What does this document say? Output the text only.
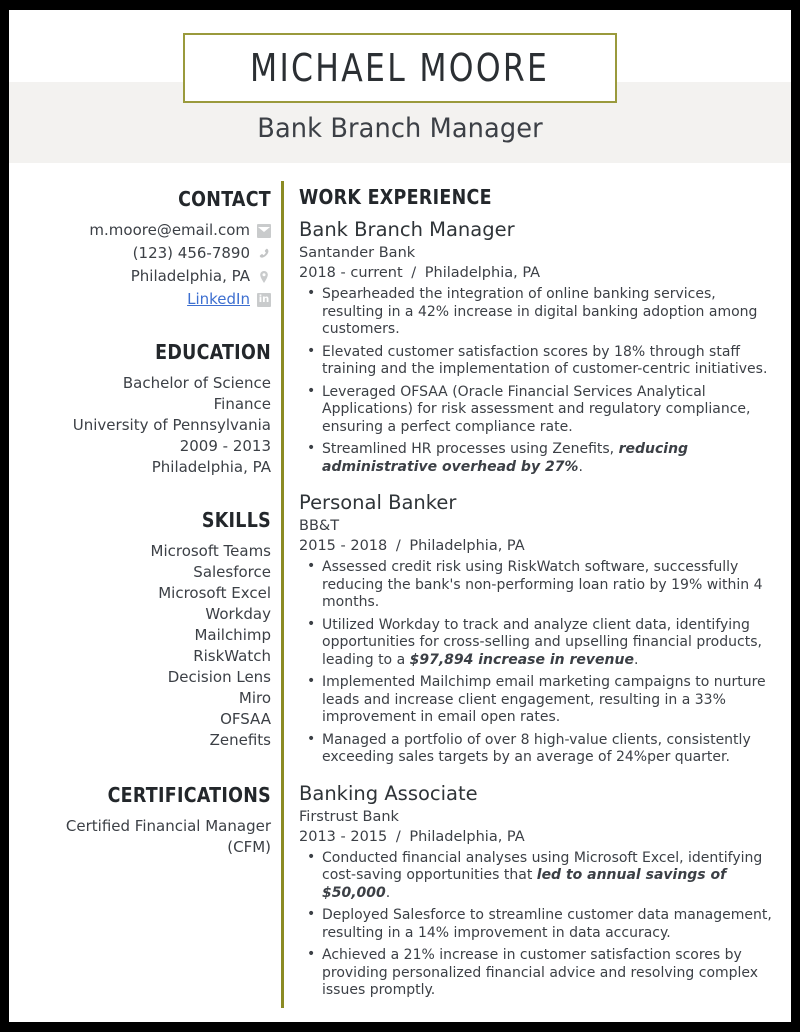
MICHAEL MOORE
Bank Branch Manager
CONTACT
m.moore@email.com
(123) 456-7890
Philadelphia, PA
LinkedIn in
EDUCATION
Bachelor of Science
Finance
University of Pennsylvania
2009 - 2013
Philadelphia, PA
SKILLS
Microsoft Teams
Salesforce
Microsoft Excel
Workday
Mailchimp
RiskWatch
Decision Lens
Miro
OFSAA
Zenefits
CERTIFICATIONS
Certified Financial Manager (CFM)
WORK EXPERIENCE
Bank Branch Manager
Santander Bank
2018 - current / Philadelphia, PA
• Spearheaded the integration of online banking services, resulting in a 42% increase in digital banking adoption among customers.
• Elevated customer satisfaction scores by 18% through staff training and the implementation of customer-centric initiatives.
• Leveraged OFSAA (Oracle Financial Services Analytical Applications) for risk assessment and regulatory compliance, ensuring a perfect compliance rate.
• Streamlined HR processes using Zenefits, reducing administrative overhead by 27%.
Personal Banker
BB&T
2015 - 2018 / Philadelphia, PA
• Assessed credit risk using RiskWatch software, successfully reducing the bank's non-performing loan ratio by 19% within 4 months.
• Utilized Workday to track and analyze client data, identifying opportunities for cross-selling and upselling financial products, leading to a $97,894 increase in revenue.
• Implemented Mailchimp email marketing campaigns to nurture leads and increase client engagement, resulting in a 33% improvement in email open rates.
• Managed a portfolio of over 8 high-value clients, consistently exceeding sales targets by an average of 24%per quarter.
Banking Associate
Firstrust Bank
2013 - 2015 / Philadelphia, PA
• Conducted financial analyses using Microsoft Excel, identifying cost-saving opportunities that led to annual savings of $50,000.
• Deployed Salesforce to streamline customer data management, resulting in a 14% improvement in data accuracy.
• Achieved a 21% increase in customer satisfaction scores by providing personalized financial advice and resolving complex issues promptly.
